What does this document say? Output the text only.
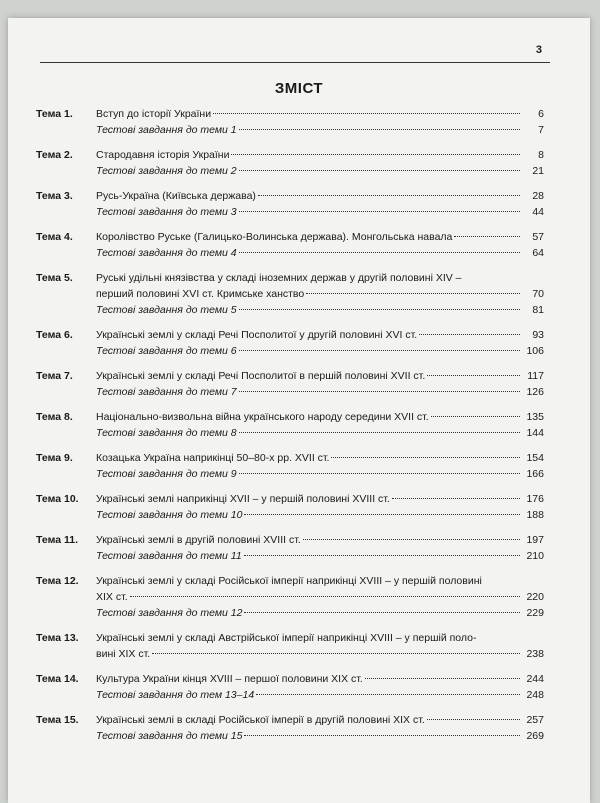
3
ЗМІСТ
Тема 1.	Вступ до історії України	6
Тестові завдання до теми 1	7
Тема 2.	Стародавня історія України	8
Тестові завдання до теми 2	21
Тема 3.	Русь-Україна (Київська держава)	28
Тестові завдання до теми 3	44
Тема 4.	Королівство Руське (Галицько-Волинська держава). Монгольська навала	57
Тестові завдання до теми 4	64
Тема 5.	Руські удільні князівства у складі іноземних держав у другій половині XIV –
перший половині XVI ст. Кримське ханство	70
Тестові завдання до теми 5	81
Тема 6.	Українські землі у складі Речі Посполитої у другій половині XVI ст.	93
Тестові завдання до теми 6	106
Тема 7.	Українські землі у складі Речі Посполитої в першій половині XVII ст.	117
Тестові завдання до теми 7	126
Тема 8.	Національно-визвольна війна українського народу середини XVII ст.	135
Тестові завдання до теми 8	144
Тема 9.	Козацька Україна наприкінці 50–80-х рр. XVII ст.	154
Тестові завдання до теми 9	166
Тема 10.	Українські землі наприкінці XVII – у першій половині XVIII ст.	176
Тестові завдання до теми 10	188
Тема 11.	Українські землі в другій половині XVIII ст.	197
Тестові завдання до теми 11	210
Тема 12.	Українські землі у складі Російської імперії наприкінці XVIII – у першій половині
XIX ст.	220
Тестові завдання до теми 12	229
Тема 13.	Українські землі у складі Австрійської імперії наприкінці XVIII – у першій поло-
вині XIX ст.	238
Тема 14.	Культура України кінця XVIII – першої половини XIX ст.	244
Тестові завдання до тем 13–14	248
Тема 15.	Українські землі в складі Російської імперії в другій половині XIX ст.	257
Тестові завдання до теми 15	269
